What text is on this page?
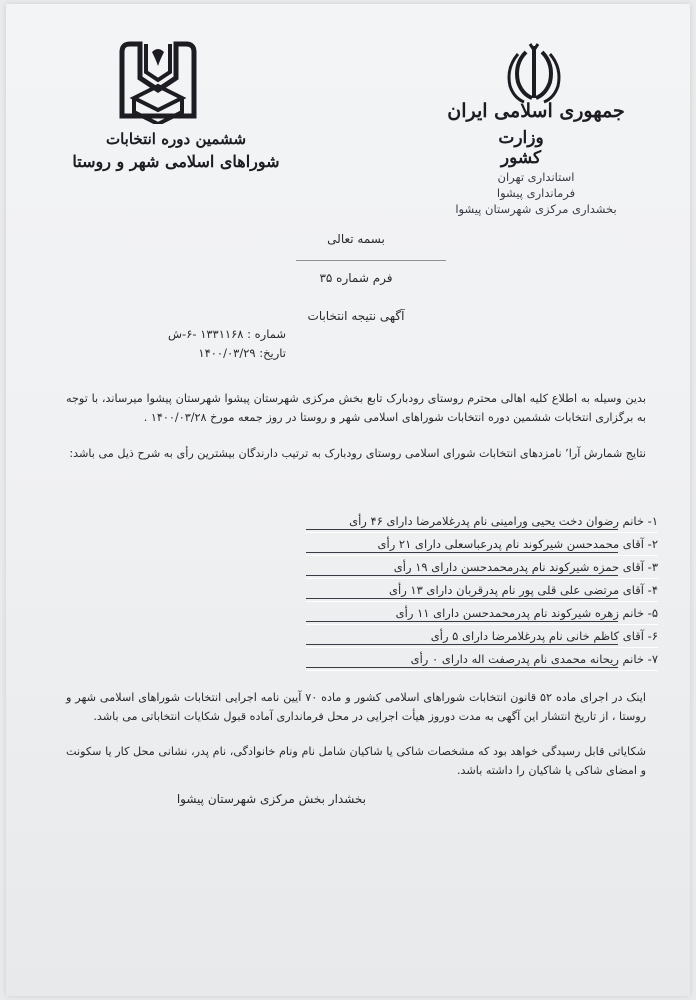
ششمین دوره انتخابات
شوراهای اسلامی شهر و روستا
جمهوری اسلامی ایران
وزارت کشور
استانداری تهران
فرمانداری پیشوا
بخشداری مرکزی شهرستان پیشوا
بسمه تعالی
فرم شماره ۳۵
آگهی نتیجه انتخابات
شماره : ۱۳۳۱۱۶۸ -۶-ش
تاریخ: ۱۴۰۰/۰۳/۲۹
بدین وسیله به اطلاع کلیه اهالی محترم روستای رودبارک تابع بخش مرکزی شهرستان پیشوا شهرستان پیشوا میرساند، با توجه به برگزاری انتخابات ششمین دوره انتخابات شوراهای اسلامی شهر و روستا در روز جمعه مورخ ۱۴۰۰/۰۳/۲۸ .
نتایج شمارش آرا٬ نامزدهای انتخابات شورای اسلامی روستای رودبارک به ترتیب دارندگان بیشترین رأی به شرح ذیل می باشد:
۱- خانم رضوان دخت یحیی ورامینی نام پدرغلامرضا دارای ۴۶ رأی
۲- آقای محمدحسن شیرکوند نام پدرعباسعلی دارای ۲۱ رأی
۳- آقای حمزه شیرکوند نام پدرمحمدحسن دارای ۱۹ رأی
۴- آقای مرتضی علی قلی پور نام پدرقربان دارای ۱۳ رأی
۵- خانم زهره شیرکوند نام پدرمحمدحسن دارای ۱۱ رأی
۶- آقای کاظم خانی نام پدرغلامرضا دارای ۵ رأی
۷- خانم ریحانه محمدی نام پدرصفت اله دارای ۰ رأی
اینک در اجرای ماده ۵۲ قانون انتخابات شوراهای اسلامی کشور و ماده ۷۰ آیین نامه اجرایی انتخابات شوراهای اسلامی شهر و روستا ، از تاریخ انتشار این آگهی به مدت دوروز هیأت اجرایی در محل فرمانداری آماده قبول شکایات انتخاباتی می باشد.
شکایاتی قابل رسیدگی خواهد بود که مشخصات شاکی یا شاکیان شامل نام ونام خانوادگی، نام پدر، نشانی محل کار یا سکونت و امضای شاکی یا شاکیان را داشته باشد.
بخشدار بخش مرکزی شهرستان پیشوا
